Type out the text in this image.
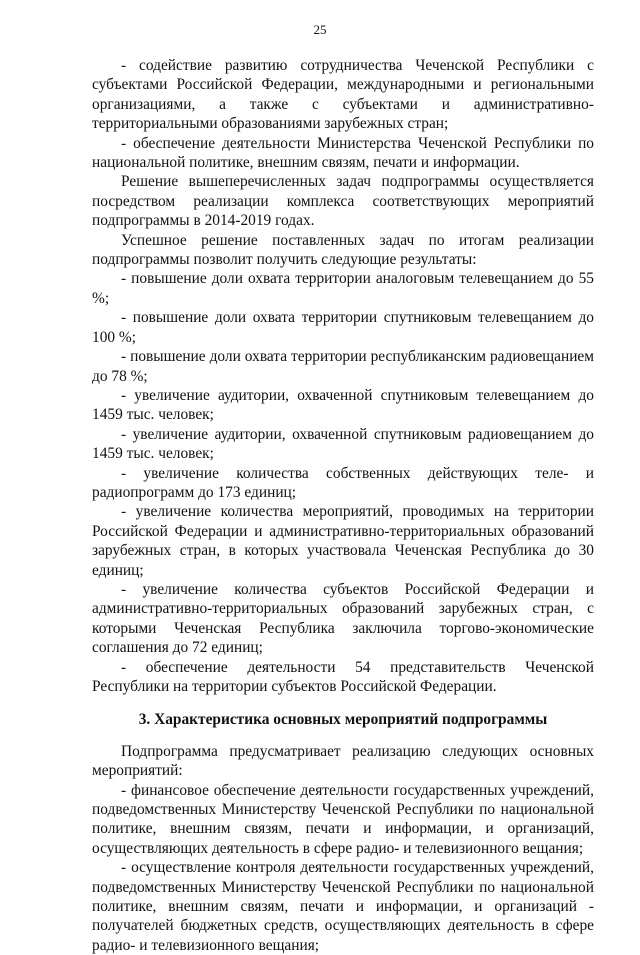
25

- содействие развитию сотрудничества Чеченской Республики с субъектами Российской Федерации, международными и региональными организациями, а также с субъектами и административно-территориальными образованиями зарубежных стран;

- обеспечение деятельности Министерства Чеченской Республики по национальной политике, внешним связям, печати и информации.

Решение вышеперечисленных задач подпрограммы осуществляется посредством реализации комплекса соответствующих мероприятий подпрограммы в 2014-2019 годах.

Успешное решение поставленных задач по итогам реализации подпрограммы позволит получить следующие результаты:

- повышение доли охвата территории аналоговым телевещанием до 55 %;

- повышение доли охвата территории спутниковым телевещанием до 100 %;

- повышение доли охвата территории республиканским радиовещанием до 78 %;

- увеличение аудитории, охваченной спутниковым телевещанием до 1459 тыс. человек;

- увеличение аудитории, охваченной спутниковым радиовещанием до 1459 тыс. человек;

- увеличение количества собственных действующих теле- и радиопрограмм до 173 единиц;

- увеличение количества мероприятий, проводимых на территории Российской Федерации и административно-территориальных образований зарубежных стран, в которых участвовала Чеченская Республика до 30 единиц;

- увеличение количества субъектов Российской Федерации и административно-территориальных образований зарубежных стран, с которыми Чеченская Республика заключила торгово-экономические соглашения до 72 единиц;

- обеспечение деятельности 54 представительств Чеченской Республики на территории субъектов Российской Федерации.

3. Характеристика основных мероприятий подпрограммы

Подпрограмма предусматривает реализацию следующих основных мероприятий:

- финансовое обеспечение деятельности государственных учреждений, подведомственных Министерству Чеченской Республики по национальной политике, внешним связям, печати и информации, и организаций, осуществляющих деятельность в сфере радио- и телевизионного вещания;

- осуществление контроля деятельности государственных учреждений, подведомственных Министерству Чеченской Республики по национальной политике, внешним связям, печати и информации, и организаций - получателей бюджетных средств, осуществляющих деятельность в сфере радио- и телевизионного вещания;
